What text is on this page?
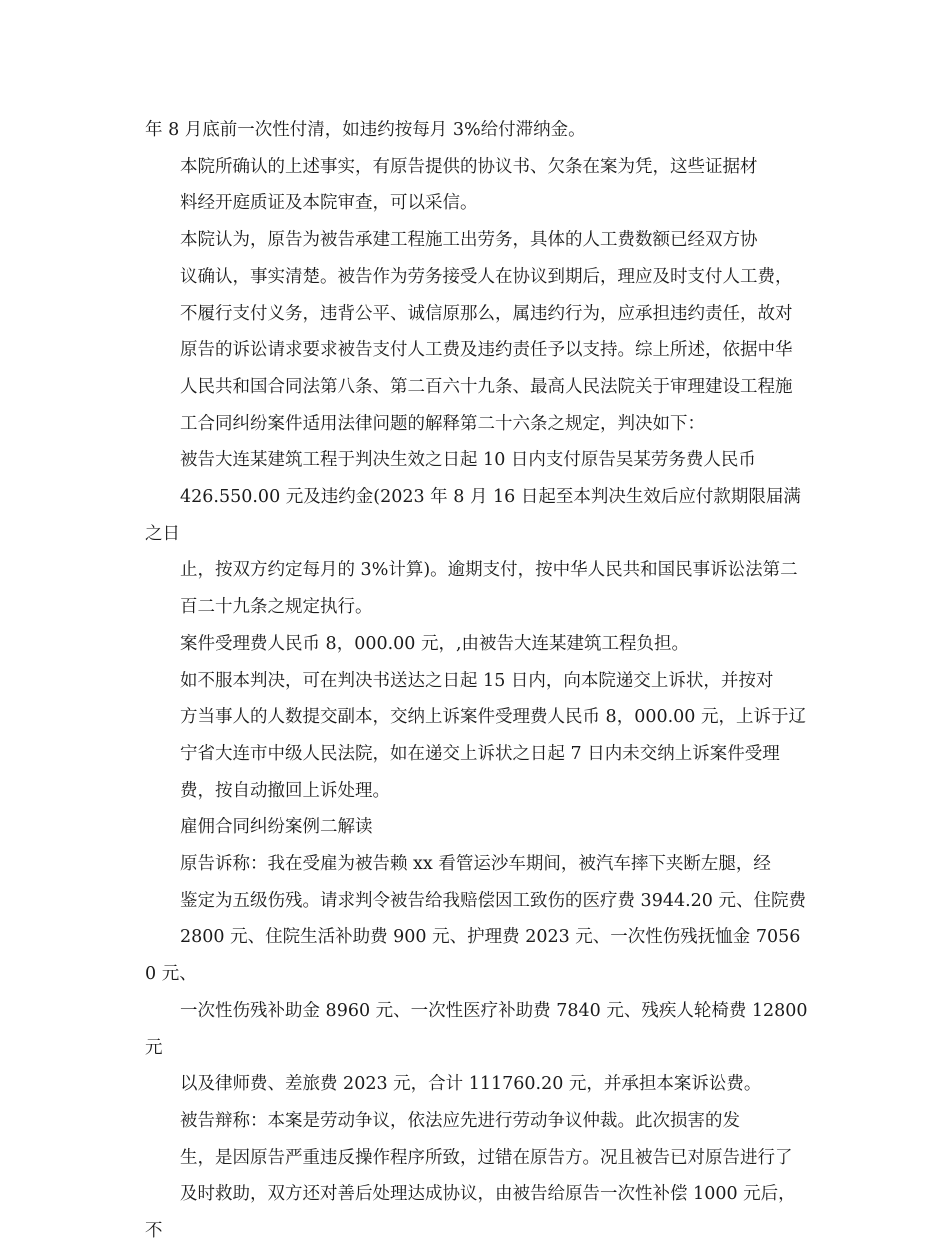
年 8 月底前一次性付清，如违约按每月 3%给付滞纳金。

本院所确认的上述事实，有原告提供的协议书、欠条在案为凭，这些证据材
料经开庭质证及本院审查，可以采信。

本院认为，原告为被告承建工程施工出劳务，具体的人工费数额已经双方协
议确认，事实清楚。被告作为劳务接受人在协议到期后，理应及时支付人工费，
不履行支付义务，违背公平、诚信原那么，属违约行为，应承担违约责任，故对
原告的诉讼请求要求被告支付人工费及违约责任予以支持。综上所述，依据中华
人民共和国合同法第八条、第二百六十九条、最高人民法院关于审理建设工程施
工合同纠纷案件适用法律问题的解释第二十六条之规定，判决如下：

被告大连某建筑工程于判决生效之日起 10 日内支付原告吴某劳务费人民币
426.550.00 元及违约金(2023 年 8 月 16 日起至本判决生效后应付款期限届满之日
止，按双方约定每月的 3%计算)。逾期支付，按中华人民共和国民事诉讼法第二
百二十九条之规定执行。

案件受理费人民币 8，000.00 元，,由被告大连某建筑工程负担。

如不服本判决，可在判决书送达之日起 15 日内，向本院递交上诉状，并按对
方当事人的人数提交副本，交纳上诉案件受理费人民币 8，000.00 元，上诉于辽
宁省大连市中级人民法院，如在递交上诉状之日起 7 日内未交纳上诉案件受理
费，按自动撤回上诉处理。

雇佣合同纠纷案例二解读

原告诉称：我在受雇为被告赖 xx 看管运沙车期间，被汽车摔下夹断左腿，经
鉴定为五级伤残。请求判令被告给我赔偿因工致伤的医疗费 3944.20 元、住院费
2800 元、住院生活补助费 900 元、护理费 2023 元、一次性伤残抚恤金 70560 元、
一次性伤残补助金 8960 元、一次性医疗补助费 7840 元、残疾人轮椅费 12800 元
以及律师费、差旅费 2023 元，合计 111760.20 元，并承担本案诉讼费。

被告辩称：本案是劳动争议，依法应先进行劳动争议仲裁。此次损害的发
生，是因原告严重违反操作程序所致，过错在原告方。况且被告已对原告进行了
及时救助，双方还对善后处理达成协议，由被告给原告一次性补偿 1000 元后，不
